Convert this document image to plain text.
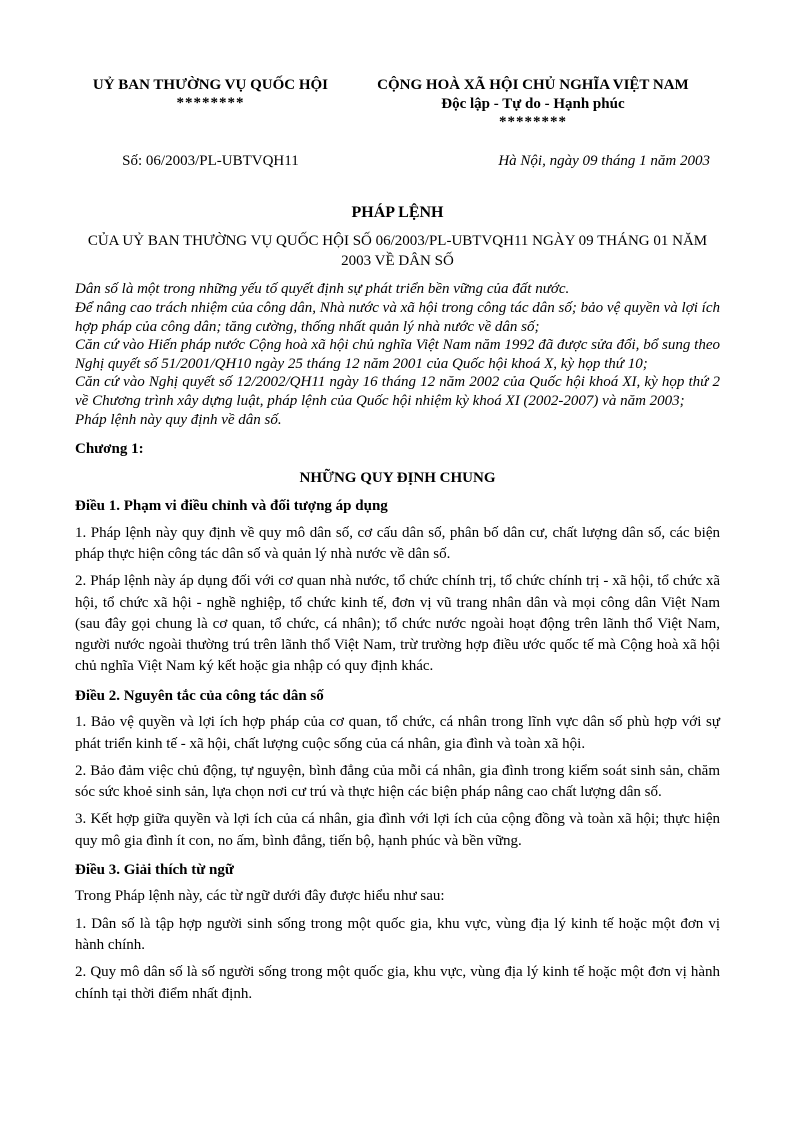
UỶ BAN THƯỜNG VỤ QUỐC HỘI
********
CỘNG HOÀ XÃ HỘI CHỦ NGHĨA VIỆT NAM
Độc lập - Tự do - Hạnh phúc
********
Số: 06/2003/PL-UBTVQH11	Hà Nội, ngày 09 tháng 1 năm 2003
PHÁP LỆNH
CỦA UỶ BAN THƯỜNG VỤ QUỐC HỘI SỐ 06/2003/PL-UBTVQH11 NGÀY 09 THÁNG 01 NĂM 2003 VỀ DÂN SỐ

Dân số là một trong những yếu tố quyết định sự phát triển bền vững của đất nước.

Để nâng cao trách nhiệm của công dân, Nhà nước và xã hội trong công tác dân số; bảo vệ quyền và lợi ích hợp pháp của công dân; tăng cường, thống nhất quản lý nhà nước về dân số;

Căn cứ vào Hiến pháp nước Cộng hoà xã hội chủ nghĩa Việt Nam năm 1992 đã được sửa đổi, bổ sung theo Nghị quyết số 51/2001/QH10 ngày 25 tháng 12 năm 2001 của Quốc hội khoá X, kỳ họp thứ 10;

Căn cứ vào Nghị quyết số 12/2002/QH11 ngày 16 tháng 12 năm 2002 của Quốc hội khoá XI, kỳ họp thứ 2 về Chương trình xây dựng luật, pháp lệnh của Quốc hội nhiệm kỳ khoá XI (2002-2007) và năm 2003;

Pháp lệnh này quy định về dân số.

Chương 1:
NHỮNG QUY ĐỊNH CHUNG
Điều 1. Phạm vi điều chỉnh và đối tượng áp dụng

1. Pháp lệnh này quy định về quy mô dân số, cơ cấu dân số, phân bố dân cư, chất lượng dân số, các biện pháp thực hiện công tác dân số và quản lý nhà nước về dân số.

2. Pháp lệnh này áp dụng đối với cơ quan nhà nước, tổ chức chính trị, tổ chức chính trị - xã hội, tổ chức xã hội, tổ chức xã hội - nghề nghiệp, tổ chức kinh tế, đơn vị vũ trang nhân dân và mọi công dân Việt Nam (sau đây gọi chung là cơ quan, tổ chức, cá nhân); tổ chức nước ngoài hoạt động trên lãnh thổ Việt Nam, người nước ngoài thường trú trên lãnh thổ Việt Nam, trừ trường hợp điều ước quốc tế mà Cộng hoà xã hội chủ nghĩa Việt Nam ký kết hoặc gia nhập có quy định khác.

Điều 2. Nguyên tắc của công tác dân số

1. Bảo vệ quyền và lợi ích hợp pháp của cơ quan, tổ chức, cá nhân trong lĩnh vực dân số phù hợp với sự phát triển kinh tế - xã hội, chất lượng cuộc sống của cá nhân, gia đình và toàn xã hội.

2. Bảo đảm việc chủ động, tự nguyện, bình đẳng của mỗi cá nhân, gia đình trong kiểm soát sinh sản, chăm sóc sức khoẻ sinh sản, lựa chọn nơi cư trú và thực hiện các biện pháp nâng cao chất lượng dân số.

3. Kết hợp giữa quyền và lợi ích của cá nhân, gia đình với lợi ích của cộng đồng và toàn xã hội; thực hiện quy mô gia đình ít con, no ấm, bình đẳng, tiến bộ, hạnh phúc và bền vững.

Điều 3. Giải thích từ ngữ

Trong Pháp lệnh này, các từ ngữ dưới đây được hiểu như sau:

1. Dân số là tập hợp người sinh sống trong một quốc gia, khu vực, vùng địa lý kinh tế hoặc một đơn vị hành chính.

2. Quy mô dân số là số người sống trong một quốc gia, khu vực, vùng địa lý kinh tế hoặc một đơn vị hành chính tại thời điểm nhất định.
